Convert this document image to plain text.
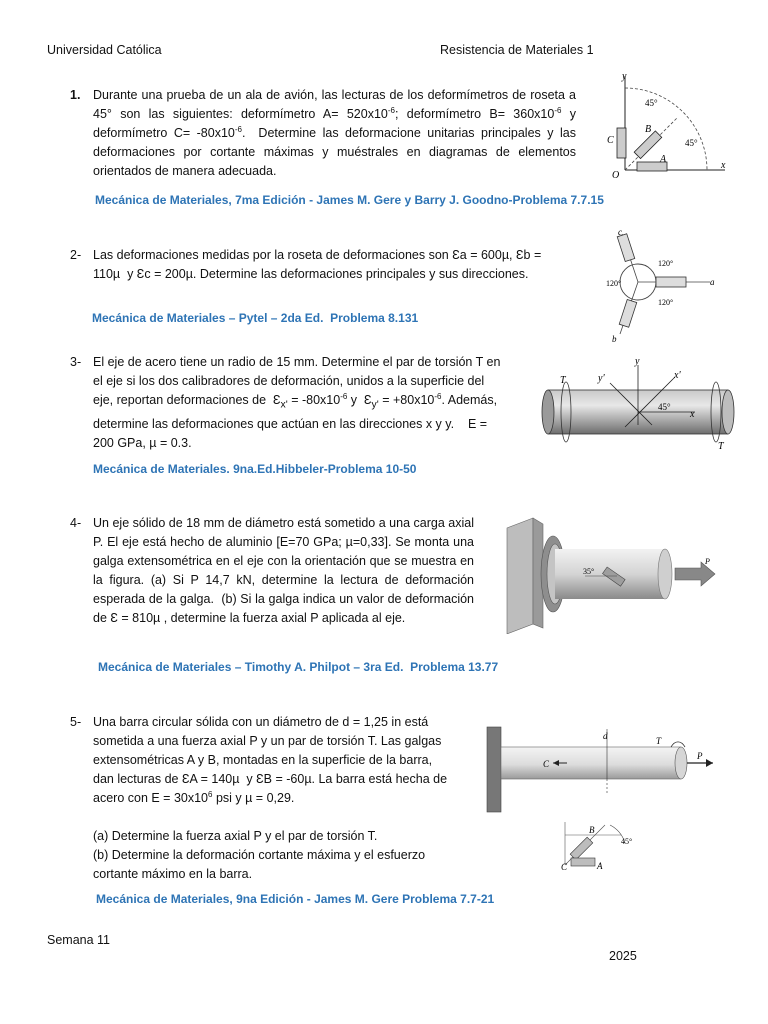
Universidad Católica	Resistencia de Materiales 1
1. Durante una prueba de un ala de avión, las lecturas de los deformímetros de roseta a 45° son las siguientes: deformímetro $A= 520x10^{-6}$; deformímetro $B= 360x10^{-6}$ y deformímetro $C= -80x10^{-6}$.  Determine las deformacione unitarias principales y las deformaciones por cortante máximas y muéstrales en diagramas de elementos orientados de manera adecuada.
Mecánica de Materiales, 7ma Edición - James M. Gere y Barry J. Goodno-Problema 7.7.15
y
45°
B
C	45°
A
O
x
2- Las deformaciones medidas por la roseta de deformaciones son Ɛa = 600µ, Ɛb = 110µ  y Ɛc = 200µ. Determine las deformaciones principales y sus direcciones.
Mecánica de Materiales – Pytel – 2da Ed.  Problema 8.131
c
120°
120°	a
120°
b
3- El eje de acero tiene un radio de 15 mm. Determine el par de torsión T en el eje si los dos calibradores de deformación, unidos a la superficie del eje, reportan deformaciones de  $Ɛ_{x'} = -80x10^{-6}$ y  $Ɛ_{y'} = +80x10^{-6}$. Además, determine las deformaciones que actúan en las direcciones x y y.    E = 200 GPa, µ = 0.3.
Mecánica de Materiales. 9na.Ed.Hibbeler-Problema 10-50
y
T	y'	x'
45°
x
T
4- Un eje sólido de 18 mm de diámetro está sometido a una carga axial P. El eje está hecho de aluminio [E=70 GPa; µ=0,33]. Se monta una galga extensométrica en el eje con la orientación que se muestra en la figura. (a) Si P 14,7 kN, determine la lectura de deformación esperada de la galga.  (b) Si la galga indica un valor de deformación de Ɛ = 810µ , determine la fuerza axial P aplicada al eje.
Mecánica de Materiales – Timothy A. Philpot – 3ra Ed.  Problema 13.77
35°
P
5- Una barra circular sólida con un diámetro de d = 1,25 in está sometida a una fuerza axial P y un par de torsión T. Las galgas extensométricas A y B, montadas en la superficie de la barra, dan lecturas de ƐA = 140µ  y ƐB = -60µ. La barra está hecha de acero con $E = 30x10^6$ psi y µ = 0,29.

(a) Determine la fuerza axial P y el par de torsión T.
(b) Determine la deformación cortante máxima y el esfuerzo cortante máximo en la barra.
Mecánica de Materiales, 9na Edición - James M. Gere Problema 7.7-21
d	T
P
C
B
45°
C	A
Semana 11
2025
